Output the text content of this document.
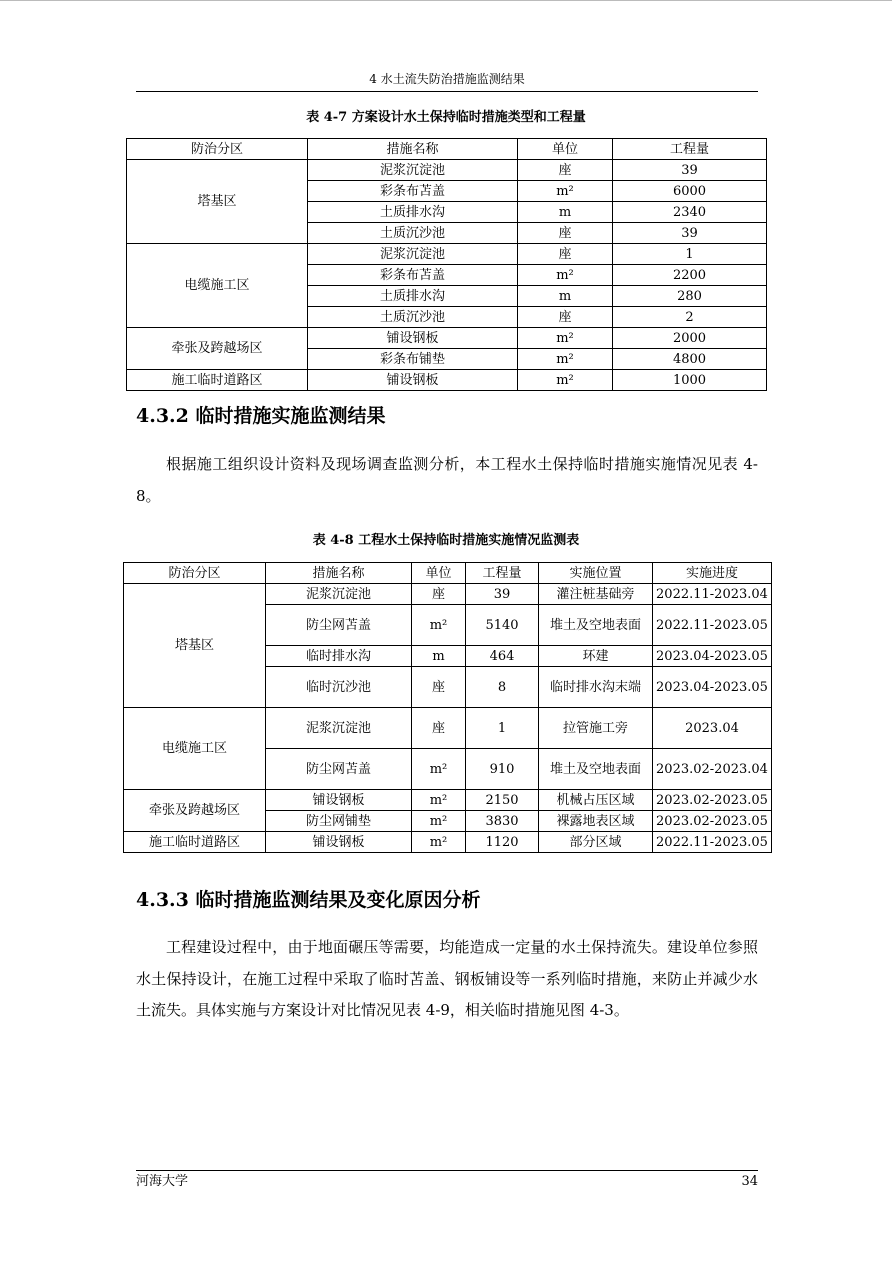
4 水土流失防治措施监测结果
表 4-7 方案设计水土保持临时措施类型和工程量
防治分区	措施名称	单位	工程量
塔基区	泥浆沉淀池	座	39
	彩条布苫盖	m²	6000
	土质排水沟	m	2340
	土质沉沙池	座	39
电缆施工区	泥浆沉淀池	座	1
	彩条布苫盖	m²	2200
	土质排水沟	m	280
	土质沉沙池	座	2
牵张及跨越场区	铺设钢板	m²	2000
	彩条布铺垫	m²	4800
施工临时道路区	铺设钢板	m²	1000
4.3.2 临时措施实施监测结果

根据施工组织设计资料及现场调查监测分析，本工程水土保持临时措施实施情况见表 4-8。

表 4-8 工程水土保持临时措施实施情况监测表
防治分区	措施名称	单位	工程量	实施位置	实施进度
塔基区	泥浆沉淀池	座	39	灌注桩基础旁	2022.11-2023.04
	防尘网苫盖	m²	5140	堆土及空地表面	2022.11-2023.05
	临时排水沟	m	464	环建	2023.04-2023.05
	临时沉沙池	座	8	临时排水沟末端	2023.04-2023.05
电缆施工区	泥浆沉淀池	座	1	拉管施工旁	2023.04
	防尘网苫盖	m²	910	堆土及空地表面	2023.02-2023.04
牵张及跨越场区	铺设钢板	m²	2150	机械占压区域	2023.02-2023.05
	防尘网铺垫	m²	3830	裸露地表区域	2023.02-2023.05
施工临时道路区	铺设钢板	m²	1120	部分区域	2022.11-2023.05
4.3.3 临时措施监测结果及变化原因分析

工程建设过程中，由于地面碾压等需要，均能造成一定量的水土保持流失。建设单位参照水土保持设计，在施工过程中采取了临时苫盖、钢板铺设等一系列临时措施，来防止并减少水土流失。具体实施与方案设计对比情况见表 4-9，相关临时措施见图 4-3。

河海大学	34
